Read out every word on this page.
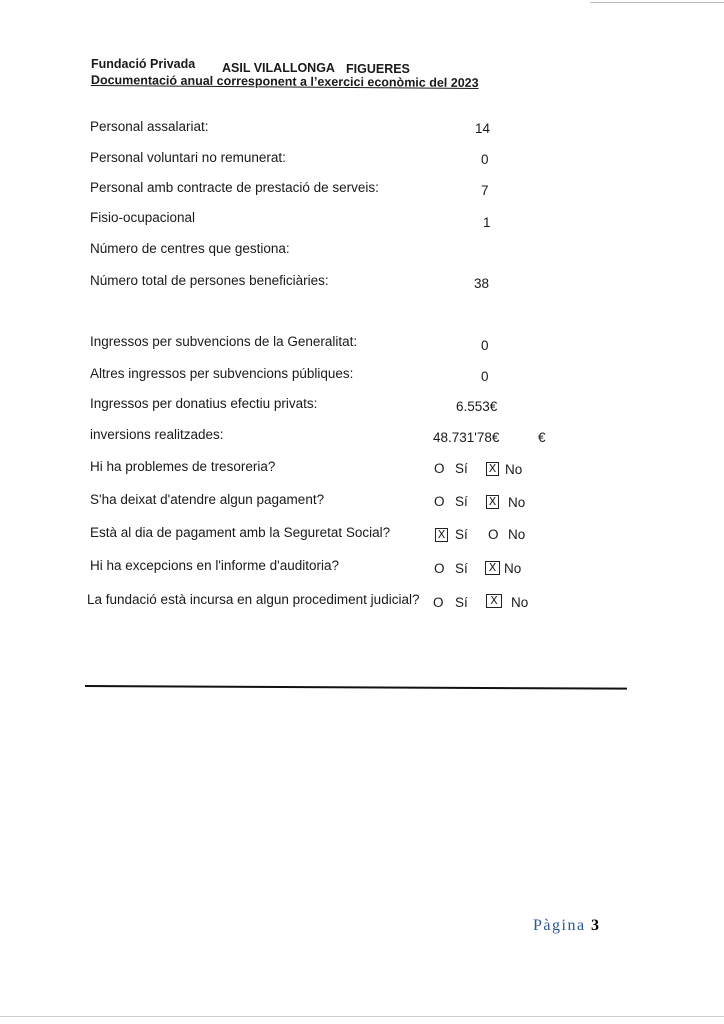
Fundació Privada ASIL VILALLONGA FIGUERES
Documentació anual corresponent a l’exercici econòmic del 2023
Personal assalariat:	14
Personal voluntari no remunerat:	0
Personal amb contracte de prestació de serveis:	7
Fisio-ocupacional	1
Número de centres que gestiona:
Número total de persones beneficiàries:	38
Ingressos per subvencions de la Generalitat:	0
Altres ingressos per subvencions públiques:	0
Ingressos per donatius efectiu privats:	6.553€
inversions realitzades:	48.731'78€	€
Hi ha problemes de tresoreria?	O Sí X No
S'ha deixat d'atendre algun pagament?	O Sí X No
Està al dia de pagament amb la Seguretat Social?	X Sí O No
Hi ha excepcions en l'informe d'auditoria?	O Sí	X No
La fundació està incursa en algun procediment judicial? O Sí	X No
Pàgina 3
